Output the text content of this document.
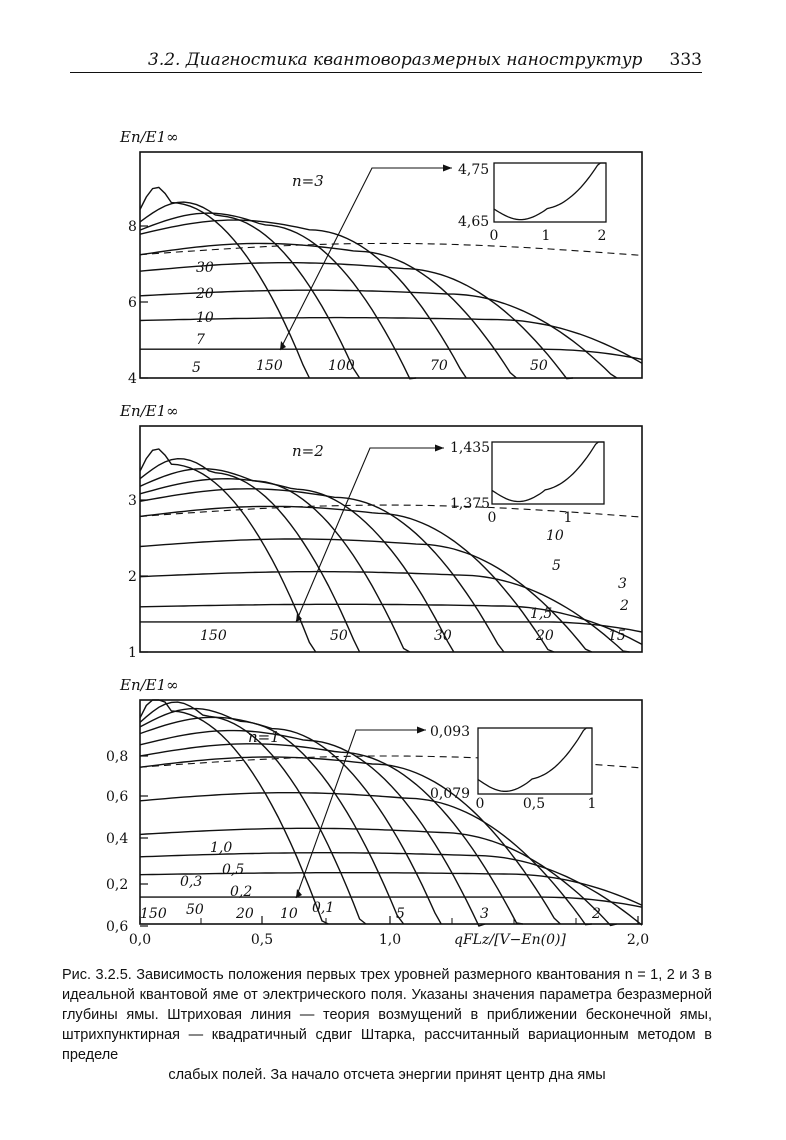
3.2. Диагностика квантоворазмерных наноструктур 333
En/E1∞
8
6
4
30
20
10
7
5	150	100	70	50
n=3
4,75
4,65
0	1	2
En/E1∞
3
2
1
10
5
3
2
1,5
150	50	30	20	15
n=2	1,435
1,375
0	1
En/E1∞
0,8
0,6
0,4
0,2
0,6
0,0	0,5	1,0	2,0
qFLz/[V−En(0)]
1,0
0,5
0,3
0,2
0,1
150 50 20 10	5	3	2
n=1	0,093
0,079
0	0,5	1
Рис. 3.2.5. Зависимость положения первых трех уровней размерного квантования n = 1, 2 и 3 в идеальной квантовой яме от электрического поля. Указаны значения параметра безразмерной глубины ямы. Штриховая линия — теория возмущений в приближении бесконечной ямы, штрихпунктирная — квадратичный сдвиг Штарка, рассчитанный вариационным методом в пределе
слабых полей. За начало отсчета энергии принят центр дна ямы
